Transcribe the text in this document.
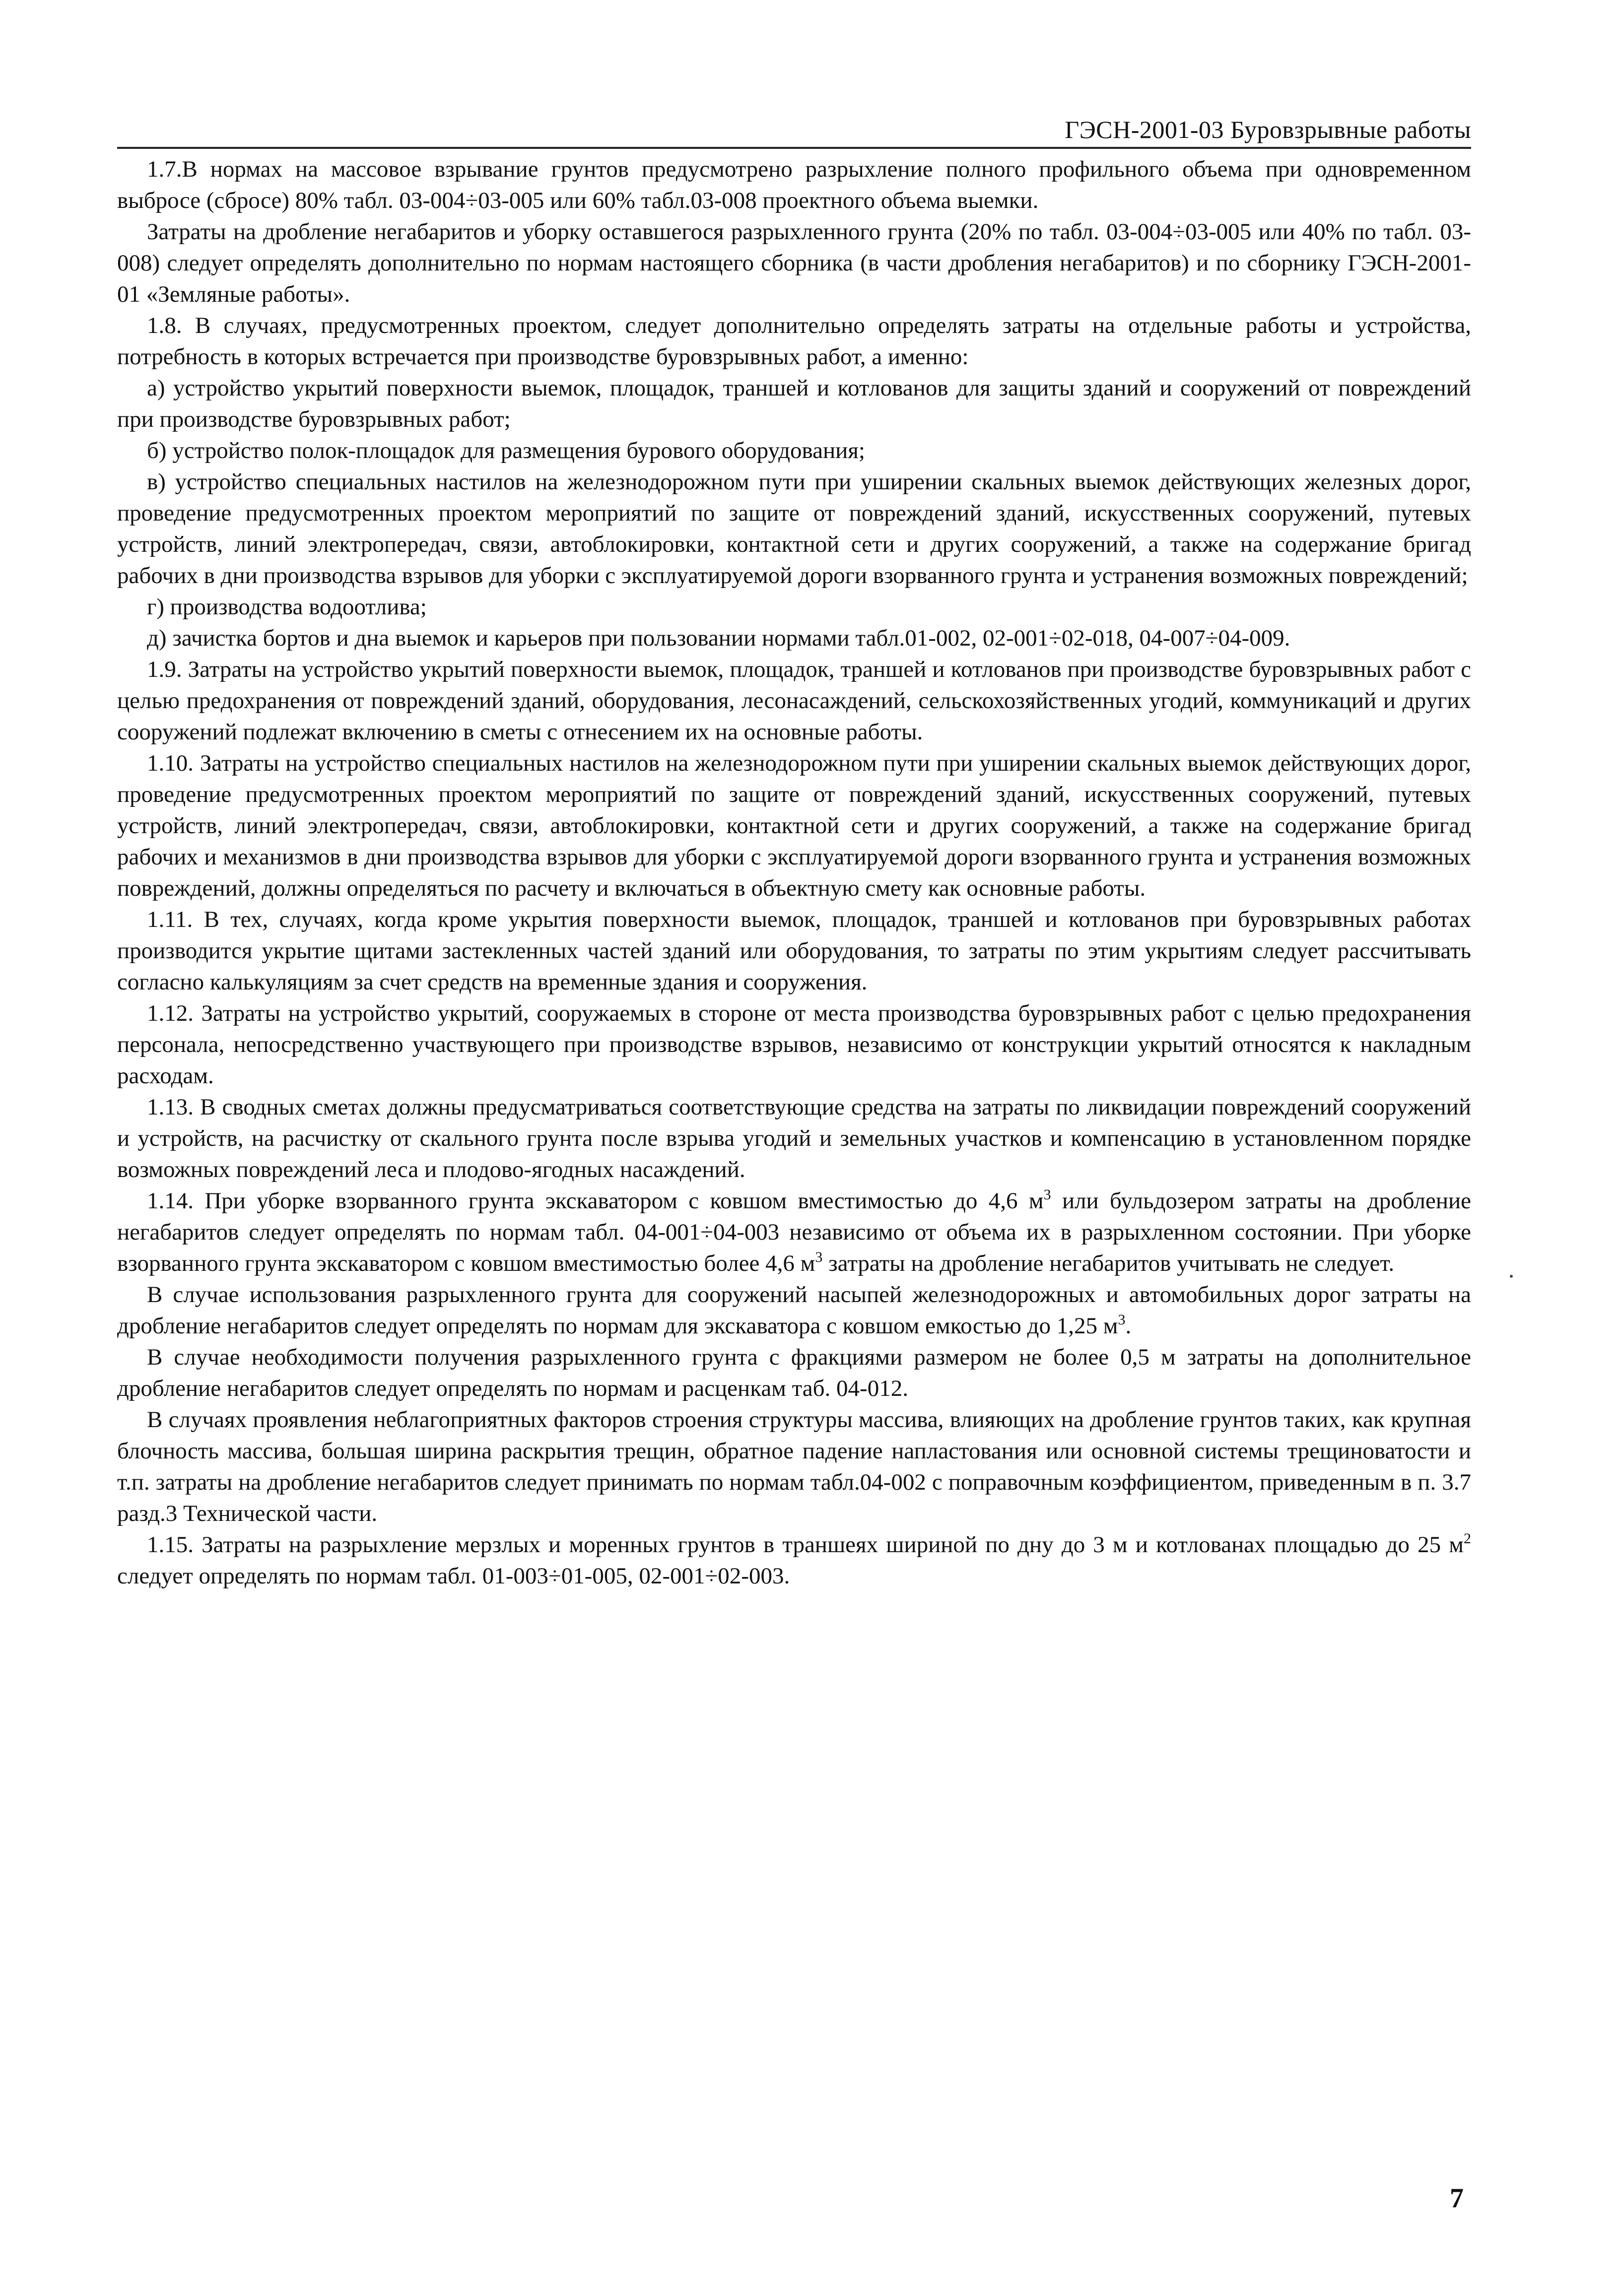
ГЭСН-2001-03 Буровзрывные работы

1.7.В нормах на массовое взрывание грунтов предусмотрено разрыхление полного профильного объема при одновременном выбросе (сбросе) 80% табл. 03-004÷03-005 или 60% табл.03-008 проектного объема выемки.

Затраты на дробление негабаритов и уборку оставшегося разрыхленного грунта (20% по табл. 03-004÷03-005 или 40% по табл. 03-008) следует определять дополнительно по нормам настоящего сборника (в части дробления негабаритов) и по сборнику ГЭСН-2001-01 «Земляные работы».

1.8. В случаях, предусмотренных проектом, следует дополнительно определять затраты на отдельные работы и устройства, потребность в которых встречается при производстве буровзрывных работ, а именно:

а) устройство укрытий поверхности выемок, площадок, траншей и котлованов для защиты зданий и сооружений от повреждений при производстве буровзрывных работ;

б) устройство полок-площадок для размещения бурового оборудования;

в) устройство специальных настилов на железнодорожном пути при уширении скальных выемок действующих железных дорог, проведение предусмотренных проектом мероприятий по защите от повреждений зданий, искусственных сооружений, путевых устройств, линий электропередач, связи, автоблокировки, контактной сети и других сооружений, а также на содержание бригад рабочих в дни производства взрывов для уборки с эксплуатируемой дороги взорванного грунта и устранения возможных повреждений;

г) производства водоотлива;

д) зачистка бортов и дна выемок и карьеров при пользовании нормами табл.01-002, 02-001÷02-018, 04-007÷04-009.

1.9. Затраты на устройство укрытий поверхности выемок, площадок, траншей и котлованов при производстве буровзрывных работ с целью предохранения от повреждений зданий, оборудования, лесонасаждений, сельскохозяйственных угодий, коммуникаций и других сооружений подлежат включению в сметы с отнесением их на основные работы.

1.10. Затраты на устройство специальных настилов на железнодорожном пути при уширении скальных выемок действующих дорог, проведение предусмотренных проектом мероприятий по защите от повреждений зданий, искусственных сооружений, путевых устройств, линий электропередач, связи, автоблокировки, контактной сети и других сооружений, а также на содержание бригад рабочих и механизмов в дни производства взрывов для уборки с эксплуатируемой дороги взорванного грунта и устранения возможных повреждений, должны определяться по расчету и включаться в объектную смету как основные работы.

1.11. В тех, случаях, когда кроме укрытия поверхности выемок, площадок, траншей и котлованов при буровзрывных работах производится укрытие щитами застекленных частей зданий или оборудования, то затраты по этим укрытиям следует рассчитывать согласно калькуляциям за счет средств на временные здания и сооружения.

1.12. Затраты на устройство укрытий, сооружаемых в стороне от места производства буровзрывных работ с целью предохранения персонала, непосредственно участвующего при производстве взрывов, независимо от конструкции укрытий относятся к накладным расходам.

1.13. В сводных сметах должны предусматриваться соответствующие средства на затраты по ликвидации повреждений сооружений и устройств, на расчистку от скального грунта после взрыва угодий и земельных участков и компенсацию в установленном порядке возможных повреждений леса и плодово-ягодных насаждений.

1.14. При уборке взорванного грунта экскаватором с ковшом вместимостью до 4,6 $м^3$ или бульдозером затраты на дробление негабаритов следует определять по нормам табл. 04-001÷04-003 независимо от объема их в разрыхленном состоянии. При уборке взорванного грунта экскаватором с ковшом вместимостью более 4,6 $м^3$ затраты на дробление негабаритов учитывать не следует.

В случае использования разрыхленного грунта для сооружений насыпей железнодорожных и автомобильных дорог затраты на дробление негабаритов следует определять по нормам для экскаватора с ковшом емкостью до 1,25 $м^3$.

В случае необходимости получения разрыхленного грунта с фракциями размером не более 0,5 м затраты на дополнительное дробление негабаритов следует определять по нормам и расценкам таб. 04-012.

В случаях проявления неблагоприятных факторов строения структуры массива, влияющих на дробление грунтов таких, как крупная блочность массива, большая ширина раскрытия трещин, обратное падение напластования или основной системы трещиноватости и т.п. затраты на дробление негабаритов следует принимать по нормам табл.04-002 с поправочным коэффициентом, приведенным в п. 3.7 разд.3 Технической части.

1.15. Затраты на разрыхление мерзлых и моренных грунтов в траншеях шириной по дну до 3 м и котлованах площадью до 25 $м^2$ следует определять по нормам табл. 01-003÷01-005, 02-001÷02-003.

7
